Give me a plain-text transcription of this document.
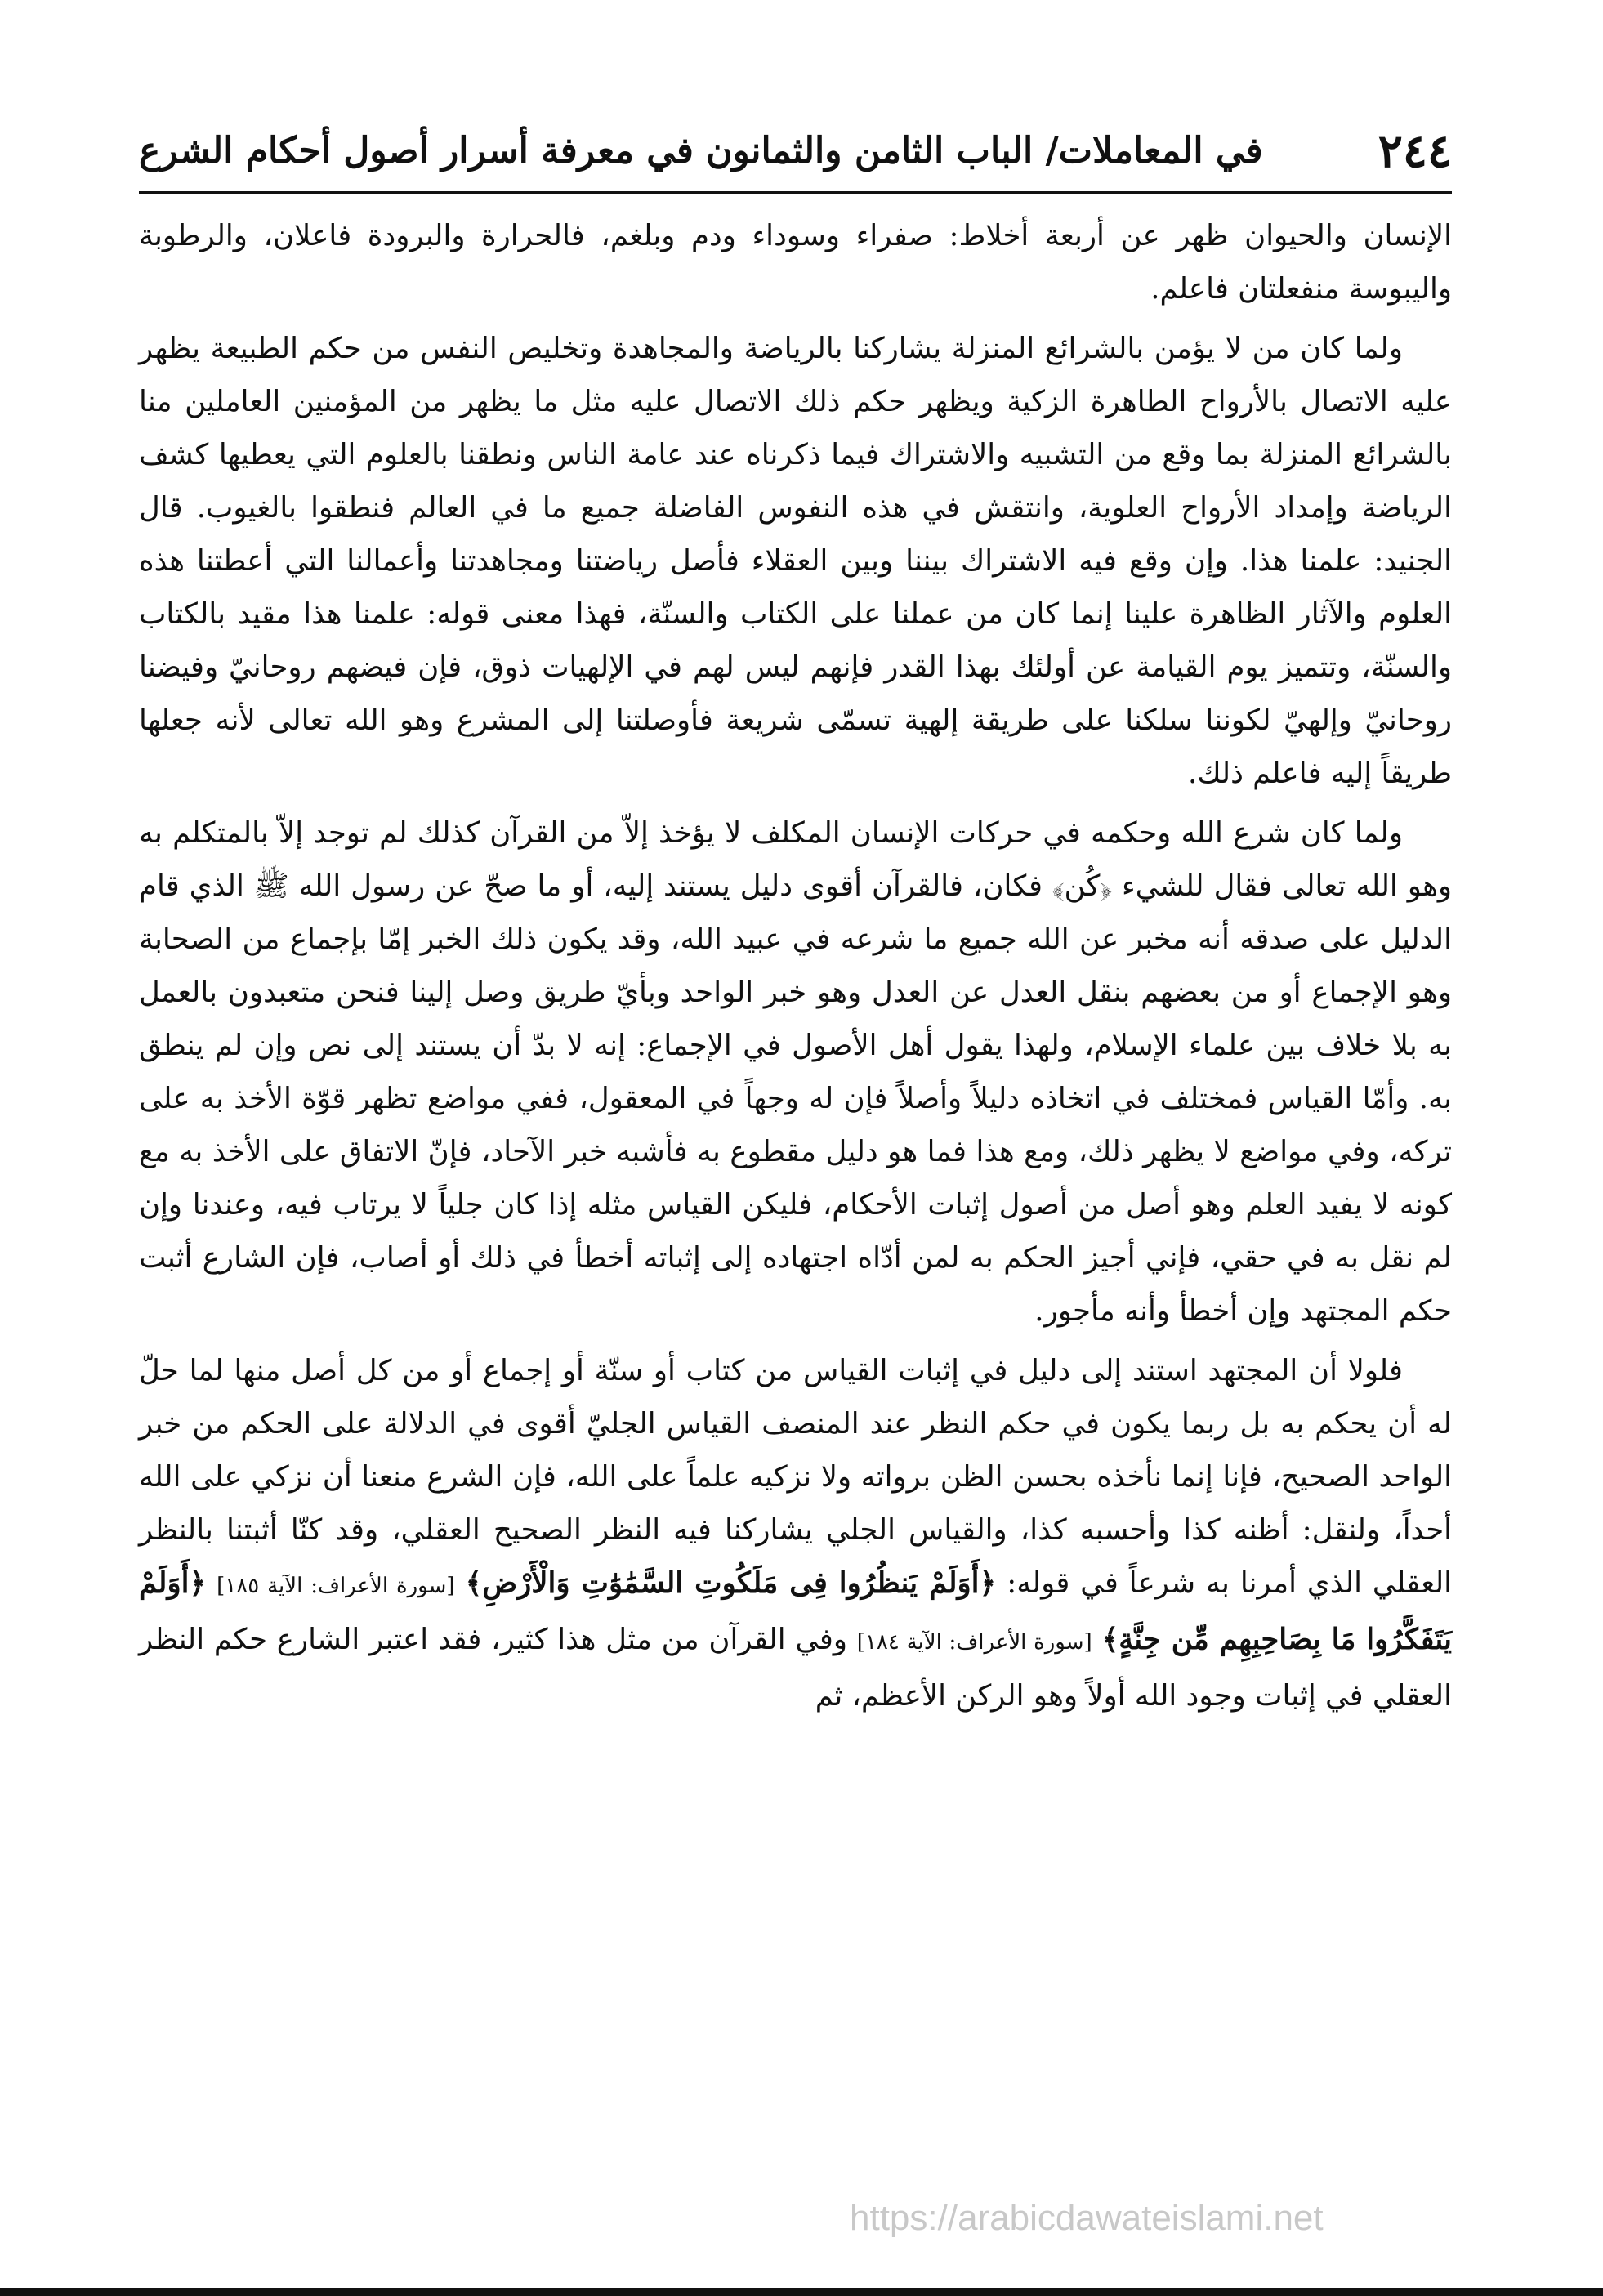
٢٤٤
في المعاملات/ الباب الثامن والثمانون في معرفة أسرار أصول أحكام الشرع

الإنسان والحيوان ظهر عن أربعة أخلاط: صفراء وسوداء ودم وبلغم، فالحرارة والبرودة فاعلان، والرطوبة واليبوسة منفعلتان فاعلم.

ولما كان من لا يؤمن بالشرائع المنزلة يشاركنا بالرياضة والمجاهدة وتخليص النفس من حكم الطبيعة يظهر عليه الاتصال بالأرواح الطاهرة الزكية ويظهر حكم ذلك الاتصال عليه مثل ما يظهر من المؤمنين العاملين منا بالشرائع المنزلة بما وقع من التشبيه والاشتراك فيما ذكرناه عند عامة الناس ونطقنا بالعلوم التي يعطيها كشف الرياضة وإمداد الأرواح العلوية، وانتقش في هذه النفوس الفاضلة جميع ما في العالم فنطقوا بالغيوب. قال الجنيد: علمنا هذا. وإن وقع فيه الاشتراك بيننا وبين العقلاء فأصل رياضتنا ومجاهدتنا وأعمالنا التي أعطتنا هذه العلوم والآثار الظاهرة علينا إنما كان من عملنا على الكتاب والسنّة، فهذا معنى قوله: علمنا هذا مقيد بالكتاب والسنّة، وتتميز يوم القيامة عن أولئك بهذا القدر فإنهم ليس لهم في الإلهيات ذوق، فإن فيضهم روحانيّ وفيضنا روحانيّ وإلهيّ لكوننا سلكنا على طريقة إلهية تسمّى شريعة فأوصلتنا إلى المشرع وهو الله تعالى لأنه جعلها طريقاً إليه فاعلم ذلك.

ولما كان شرع الله وحكمه في حركات الإنسان المكلف لا يؤخذ إلاّ من القرآن كذلك لم توجد إلاّ بالمتكلم به وهو الله تعالى فقال للشيء ﴿كُن﴾ فكان، فالقرآن أقوى دليل يستند إليه، أو ما صحّ عن رسول الله ﷺ الذي قام الدليل على صدقه أنه مخبر عن الله جميع ما شرعه في عبيد الله، وقد يكون ذلك الخبر إمّا بإجماع من الصحابة وهو الإجماع أو من بعضهم بنقل العدل عن العدل وهو خبر الواحد وبأيّ طريق وصل إلينا فنحن متعبدون بالعمل به بلا خلاف بين علماء الإسلام، ولهذا يقول أهل الأصول في الإجماع: إنه لا بدّ أن يستند إلى نص وإن لم ينطق به. وأمّا القياس فمختلف في اتخاذه دليلاً وأصلاً فإن له وجهاً في المعقول، ففي مواضع تظهر قوّة الأخذ به على تركه، وفي مواضع لا يظهر ذلك، ومع هذا فما هو دليل مقطوع به فأشبه خبر الآحاد، فإنّ الاتفاق على الأخذ به مع كونه لا يفيد العلم وهو أصل من أصول إثبات الأحكام، فليكن القياس مثله إذا كان جلياً لا يرتاب فيه، وعندنا وإن لم نقل به في حقي، فإني أجيز الحكم به لمن أدّاه اجتهاده إلى إثباته أخطأ في ذلك أو أصاب، فإن الشارع أثبت حكم المجتهد وإن أخطأ وأنه مأجور.

فلولا أن المجتهد استند إلى دليل في إثبات القياس من كتاب أو سنّة أو إجماع أو من كل أصل منها لما حلّ له أن يحكم به بل ربما يكون في حكم النظر عند المنصف القياس الجليّ أقوى في الدلالة على الحكم من خبر الواحد الصحيح، فإنا إنما نأخذه بحسن الظن برواته ولا نزكيه علماً على الله، فإن الشرع منعنا أن نزكي على الله أحداً، ولنقل: أظنه كذا وأحسبه كذا، والقياس الجلي يشاركنا فيه النظر الصحيح العقلي، وقد كنّا أثبتنا بالنظر العقلي الذي أمرنا به شرعاً في قوله: ﴿أَوَلَمْ يَنظُرُوا فِى مَلَكُوتِ السَّمَٰوَٰتِ وَالْأَرْضِ﴾ [سورة الأعراف: الآية ١٨٥] ﴿أَوَلَمْ يَتَفَكَّرُوا مَا بِصَاحِبِهِم مِّن جِنَّةٍ﴾ [سورة الأعراف: الآية ١٨٤] وفي القرآن من مثل هذا كثير، فقد اعتبر الشارع حكم النظر العقلي في إثبات وجود الله أولاً وهو الركن الأعظم، ثم

https://arabicdawateislami.net
